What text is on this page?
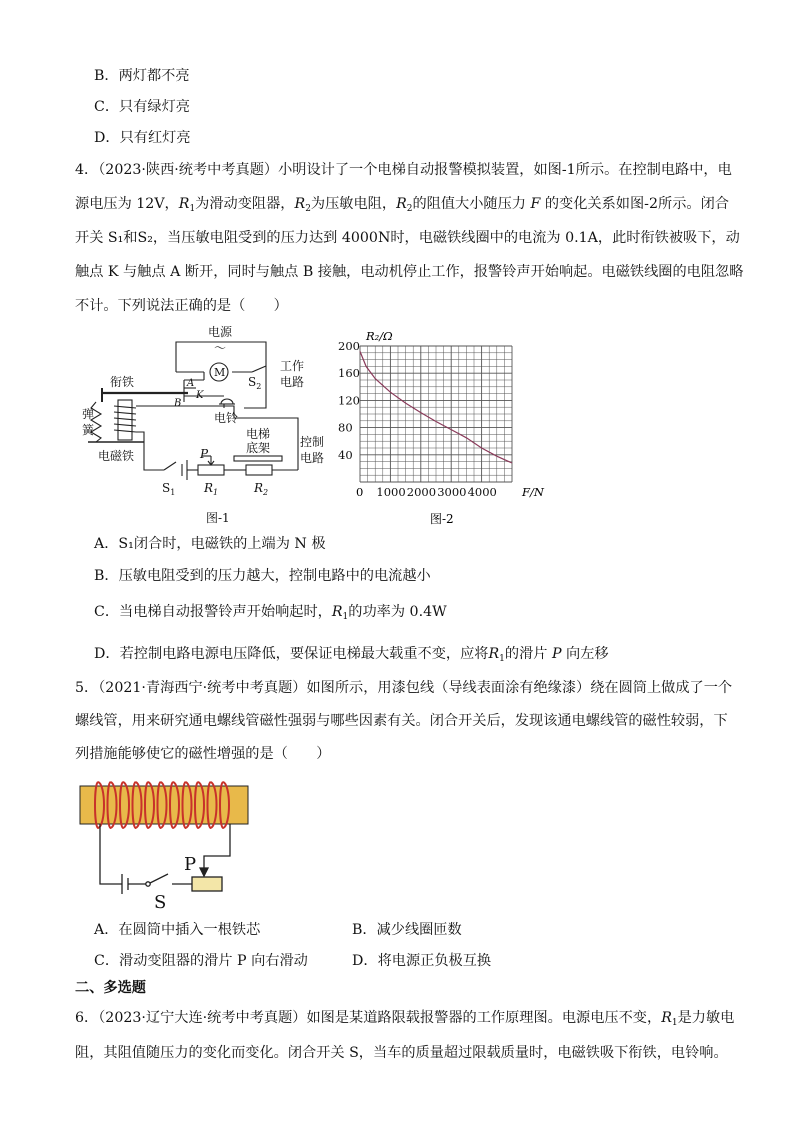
B．两灯都不亮
C．只有绿灯亮
D．只有红灯亮
4．（2023·陕西·统考中考真题）小明设计了一个电梯自动报警模拟装置，如图-1所示。在控制电路中，电
源电压为 12V，$R_1$为滑动变阻器，$R_2$为压敏电阻，$R_2$的阻值大小随压力 F 的变化关系如图-2所示。闭合
开关 S₁和S₂，当压敏电阻受到的压力达到 4000N时，电磁铁线圈中的电流为 0.1A，此时衔铁被吸下，动
触点 K 与触点 A 断开，同时与触点 B 接触，电动机停止工作，报警铃声开始响起。电磁铁线圈的电阻忽略
不计。下列说法正确的是（　　）
电源
～
M	工作
电路
衔铁
弹
簧
电磁铁
电铃
控制
电路
电梯
底架
P
A
B
K
$S_1$
$S_2$
$R_1$	$R_2$
图-1
1000 2000 3000 4000
40
80
120
160
200
R₂/Ω
F/N
0
图-2
A．S₁闭合时，电磁铁的上端为 N 极
B．压敏电阻受到的压力越大，控制电路中的电流越小
C．当电梯自动报警铃声开始响起时，$R_1$的功率为 0.4W
D．若控制电路电源电压降低，要保证电梯最大载重不变，应将$R_1$的滑片 P 向左移
5．（2021·青海西宁·统考中考真题）如图所示，用漆包线（导线表面涂有绝缘漆）绕在圆筒上做成了一个
螺线管，用来研究通电螺线管磁性强弱与哪些因素有关。闭合开关后，发现该通电螺线管的磁性较弱，下
列措施能够使它的磁性增强的是（　　）
P
S
A．在圆筒中插入一根铁芯	B．减少线圈匝数
C．滑动变阻器的滑片 P 向右滑动	D．将电源正负极互换
二、多选题
6．（2023·辽宁大连·统考中考真题）如图是某道路限载报警器的工作原理图。电源电压不变，$R_1$是力敏电
阻，其阻值随压力的变化而变化。闭合开关 S，当车的质量超过限载质量时，电磁铁吸下衔铁，电铃响。
